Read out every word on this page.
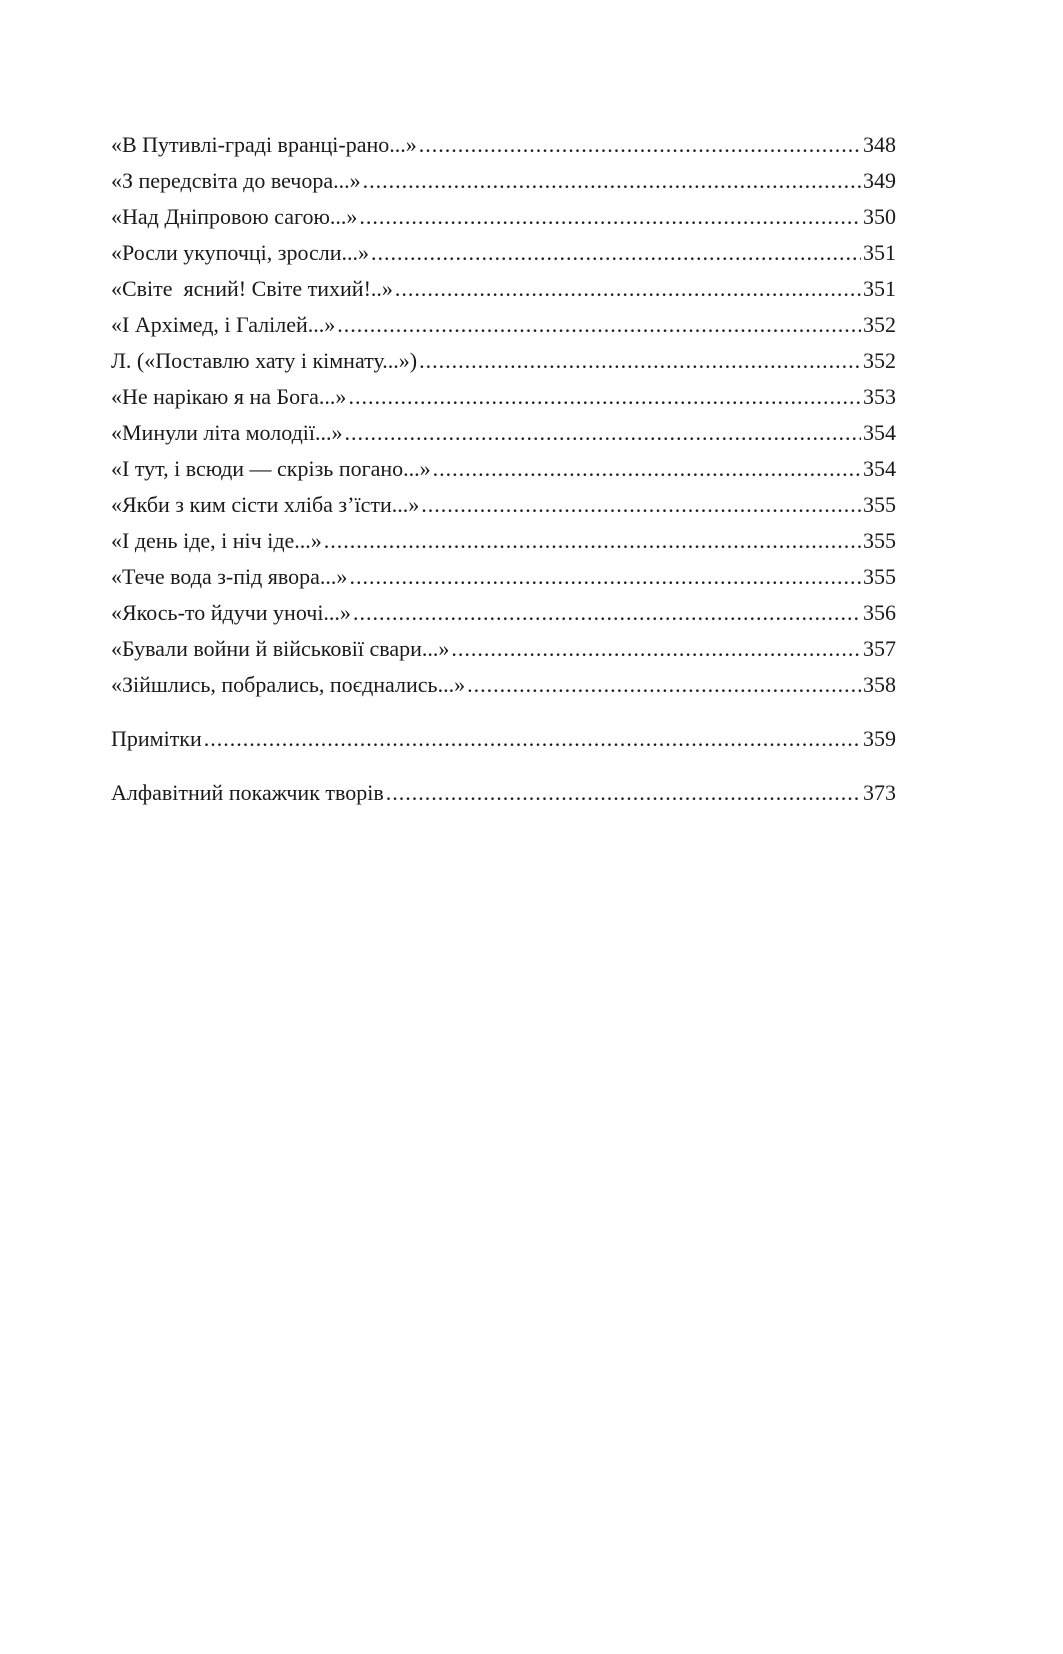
«В Путивлі-граді вранці-рано...» .....	348
«З передсвіта до вечора...» .....	349
«Над Дніпровою сагою...» .....	350
«Росли укупочці, зросли...» .....	351
«Світе  ясний! Світе тихий!..» .....	351
«І Архімед, і Галілей...» .....	352
Л. («Поставлю хату і кімнату...») .....	352
«Не нарікаю я на Бога...» .....	353
«Минули літа молодії...» .....	354
«І тут, і всюди — скрізь погано...» .....	354
«Якби з ким сісти хліба з’їсти...» .....	355
«І день іде, і ніч іде...» .....	355
«Тече вода з-під явора...» .....	355
«Якось-то йдучи уночі...» .....	356
«Бували войни й військовії свари...» .....	357
«Зійшлись, побрались, поєднались...» .....	358
Примітки .....	359
Алфавітний покажчик творів .....	373
